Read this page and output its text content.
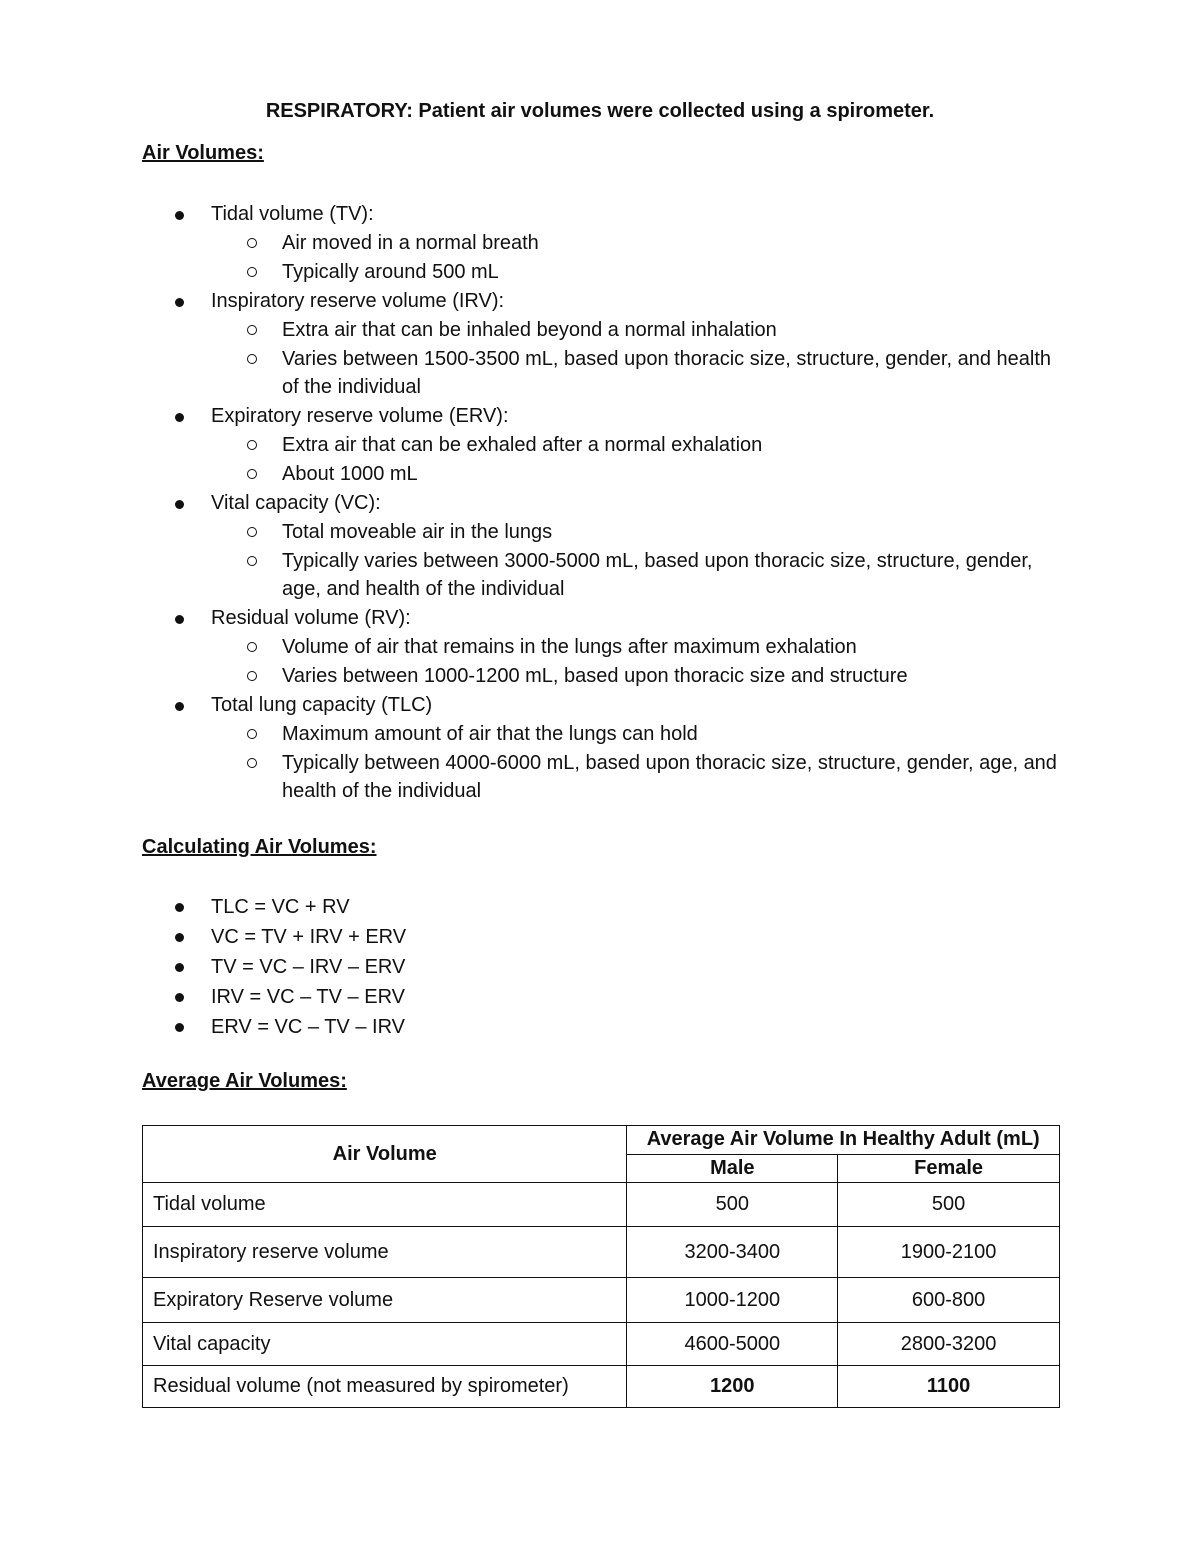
RESPIRATORY: Patient air volumes were collected using a spirometer.
Air Volumes:
Tidal volume (TV):
Air moved in a normal breath
Typically around 500 mL
Inspiratory reserve volume (IRV):
Extra air that can be inhaled beyond a normal inhalation
Varies between 1500-3500 mL, based upon thoracic size, structure, gender, and health of the individual
Expiratory reserve volume (ERV):
Extra air that can be exhaled after a normal exhalation
About 1000 mL
Vital capacity (VC):
Total moveable air in the lungs
Typically varies between 3000-5000 mL, based upon thoracic size, structure, gender, age, and health of the individual
Residual volume (RV):
Volume of air that remains in the lungs after maximum exhalation
Varies between 1000-1200 mL, based upon thoracic size and structure
Total lung capacity (TLC)
Maximum amount of air that the lungs can hold
Typically between 4000-6000 mL, based upon thoracic size, structure, gender, age, and health of the individual
Calculating Air Volumes:
TLC = VC + RV
VC = TV + IRV + ERV
TV = VC – IRV – ERV
IRV = VC – TV – ERV
ERV = VC – TV – IRV
Average Air Volumes:
Air Volume	Average Air Volume In Healthy Adult (mL)	
	Male	Female
Tidal volume	500	500
Inspiratory reserve volume	3200-3400	1900-2100
Expiratory Reserve volume	1000-1200	600-800
Vital capacity	4600-5000	2800-3200
Residual volume (not measured by spirometer)	1200	1100
